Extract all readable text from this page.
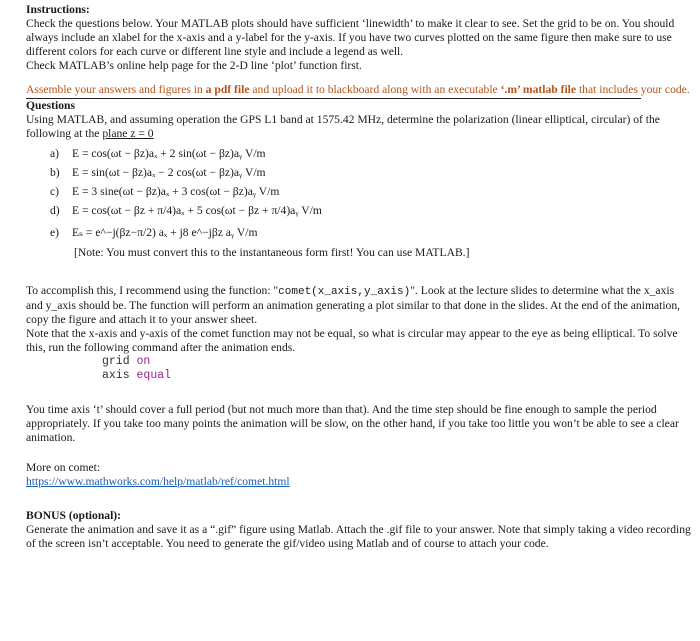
Instructions:

Check the questions below. Your MATLAB plots should have sufficient ‘linewidth’ to make it clear to see. Set the grid to be on. You should always include an xlabel for the x-axis and a y-label for the y-axis. If you have two curves plotted on the same figure then make sure to use different colors for each curve or different line style and include a legend as well.

Check MATLAB’s online help page for the 2-D line ‘plot’ function first.

Assemble your answers and figures in a pdf file and upload it to blackboard along with an executable ‘.m’ matlab file that includes your code.

Questions

Using MATLAB, and assuming operation the GPS L1 band at 1575.42 MHz, determine the polarization (linear elliptical, circular) of the following at the plane z = 0

a) E = cos(ωt − βz)aₓ + 2 sin(ωt − βz)aᵧ V/m
b) E = sin(ωt − βz)aₓ − 2 cos(ωt − βz)aᵧ V/m
c) E = 3 sine(ωt − βz)aₓ + 3 cos(ωt − βz)aᵧ V/m
d) E = cos(ωt − βz + π/4)aₓ + 5 cos(ωt − βz + π/4)aᵧ V/m
e) Eₛ = e^−j(βz−π/2) aₓ + j8 e^−jβz aᵧ V/m

[Note: You must convert this to the instantaneous form first! You can use MATLAB.]

To accomplish this, I recommend using the function: "comet(x_axis,y_axis)". Look at the lecture slides to determine what the x_axis and y_axis should be. The function will perform an animation generating a plot similar to that done in the slides. At the end of the animation, copy the figure and attach it to your answer sheet.

Note that the x-axis and y-axis of the comet function may not be equal, so what is circular may appear to the eye as being elliptical. To solve this, run the following command after the animation ends.

grid on
axis equal

You time axis ‘t’ should cover a full period (but not much more than that). And the time step should be fine enough to sample the period appropriately. If you take too many points the animation will be slow, on the other hand, if you take too little you won’t be able to see a clear animation.

More on comet:

https://www.mathworks.com/help/matlab/ref/comet.html

BONUS (optional):

Generate the animation and save it as a “.gif” figure using Matlab. Attach the .gif file to your answer. Note that simply taking a video recording of the screen isn’t acceptable. You need to generate the gif/video using Matlab and of course to attach your code.
